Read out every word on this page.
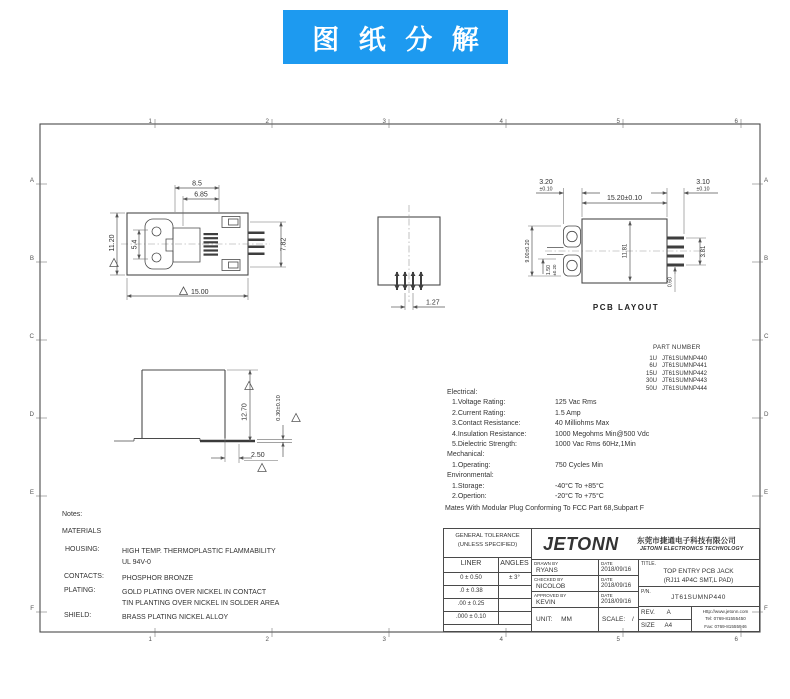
图 纸 分 解
1	2	3	4	5	6
1	2	3	4	5	6
A
B
C
D
E
F
A
B
C
D
E
F
8.5
6.85
11.20 5.4	7.82
15.00
1.27
3.20
±0.10
15.20±0.10
3.10
±0.10
9.00±0.20
1.50 ±0.20
11.81	3.81
0.60
PCB LAYOUT
12.70	0.30±0.10
2.50
PART NUMBER
1U JT61SUMNP440
6U JT61SUMNP441
15U JT61SUMNP442
30U JT61SUMNP443
50U JT61SUMNP444
Electrical:
1.Voltage Rating:	125 Vac Rms
2.Current Rating:	1.5 Amp
3.Contact Resistance:	40 Milliohms Max
4.Insulation Resistance:	1000 Megohms Min@500 Vdc
5.Dielectric Strength:	1000 Vac Rms 60Hz,1Min
Mechanical:
1.Operating:	750 Cycles Min
Environmental:
1.Storage:	-40°C To +85°C
2.Opertion:	-20°C To +75°C
Mates With Modular Plug Conforming To FCC Part 68,Subpart F
Notes:
MATERIALS
HOUSING:	HIGH TEMP. THERMOPLASTIC FLAMMABILITY
UL 94V-0
CONTACTS:	PHOSPHOR BRONZE
PLATING:	GOLD PLATING OVER NICKEL IN CONTACT
TIN PLANTING OVER NICKEL IN SOLDER AREA
SHIELD:	BRASS PLATING NICKEL ALLOY
GENERAL TOLERANCE
(UNLESS SPECIFIED)
LINER	ANGLES
0 ± 0.50	± 3°
.0 ± 0.38
.00 ± 0.25
.000 ± 0.10
JETONN 东莞市捷通电子科技有限公司
JETONN ELECTRONICS TECHNOLOGY
DRAWN BY	DATE
RYANS	2018/09/16
CHECKED BY	DATE
NICOLOB	2018/09/16
APPROVED BY	DATE
KEVIN	2018/09/16
UNIT: MM	SCALE: /
TITLE.
TOP ENTRY PCB JACK
(RJ11 4P4C SMT,L PAD)
P/N.
JT61SUMNP440
REV. A
SIZE A4
Http://www.jetonn.com
Tel: 0769-81555450
Fax: 0769-81555946
